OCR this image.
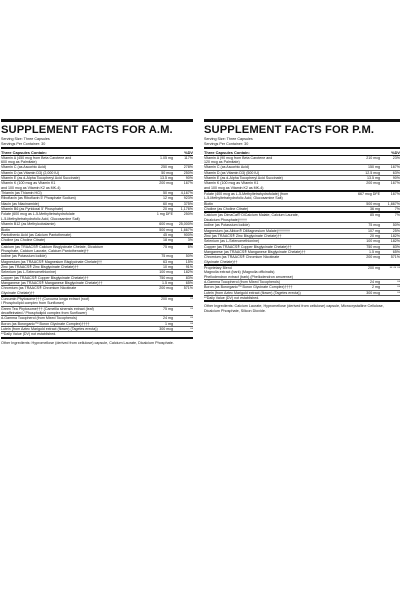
SUPPLEMENT FACTS FOR A.M.
Serving Size: Three Capsules
Servings Per Container: 30
Three Capsules Contain:	%DV
Vitamin A (450 mcg from Beta Carotene and
600 mcg as Palmitate)
1.05 mg	117%
Vitamin C (as Ascorbic Acid)	250 mg	278%
Vitamin D (as Vitamin D3) (2,000 IU)	50 mcg	250%
Vitamin E (as d-Alpha Tocopheryl Acid Succinate)	13.5 mg	90%
Vitamin K (100 mcg as Vitamin K1
and 100 mcg as Vitamin K2 as MK-4)
200 mcg	167%
Thiamin (as Thiamin HCl)	50 mg	4,167%
Riboflavin (as Riboflavin 5' Phosphate Sodium)	12 mg	923%
Niacin (as Niacinamide)	60 mg	375%
Vitamin B6 (as Pyridoxal 5' Phosphate)	20 mg	1,176%
Folate (600 mcg as L-5-Methyltetrahydrofolate
L-5-Methyltetrahydrofolic Acid, Glucosamine Salt)
1 mg DFE	250%
Vitamin B12 (as Methylcobalamin)	600 mcg	25,000%
Biotin	500 mcg	1,667%
Pantothenic Acid (as Calcium Pantothenate)	45 mg	900%
Choline (as Choline Citrate)	18 mg	3%
Calcium (as TRAACS® Calcium Bisglycinate Chelate, Dicalcium
Phosphate, Calcium Laurate, Calcium Pantothenate)††
75 mg	6%
Iodine (as Potassium Iodide)	75 mcg	50%
Magnesium (as TRAACS® Magnesium Bisglycinate Chelate)††	63 mg	15%
Zinc (as TRAACS® Zinc Bisglycinate Chelate)††	10 mg	91%
Selenium (as L-Selenomethionine)	100 mcg	182%
Copper (as TRAACS® Copper Bisglycinate Chelate)††	750 mcg	83%
Manganese (as TRAACS® Manganese Bisglycinate Chelate)††	1.5 mg	65%
Chromium (as TRAACS® Chromium Nicotinate
Glycinate Chelate)††
200 mcg	571%
Curcumin Phytosome††† (Curcuma longa extract (root)
/ Phospholipid complex from Sunflower)
200 mg	**
Green Tea Phytosome††† (Camellia sinensis extract (leaf)
decaffeinated / Phospholipid complex from Sunflower)
75 mg	**
d-Gamma Tocopherol (from Mixed Tocopherols)	24 mg	**
Boron (as Bororganic™ Boron Glycinate Complex)††††	1 mg	**
Lutein (from Aztec Marigold extract (flower) (Tagetes erecta))	300 mcg	**
**Daily Value (DV) not established.
Other Ingredients: Hypromellose (derived from cellulose) capsule, Calcium Laurate, Dicalcium Phosphate.
SUPPLEMENT FACTS FOR P.M.
Serving Size: Three Capsules
Servings Per Container: 30
Three Capsules Contain:	%DV
Vitamin A (90 mcg from Beta Carotene and
120 mcg as Palmitate)
210 mcg	23%
Vitamin C (as Ascorbic Acid)	150 mg	167%
Vitamin D (as Vitamin D3) (500 IU)	12.5 mcg	63%
Vitamin E (as d-Alpha Tocopheryl Acid Succinate)	13.5 mg	90%
Vitamin K (100 mcg as Vitamin K1
and 100 mcg as Vitamin K2 as MK-4)
200 mcg	167%
Folate (400 mcg as L-5-Methyltetrahydrofolate) (from
L-5-Methyltetrahydrofolic Acid, Glucosamine Salt)
667 mcg DFE	167%
Biotin	500 mcg	1,667%
Choline (as Choline Citrate)	36 mg	7%
Calcium (as DimaCal® DiCalcium Malate, Calcium Laurate,
Dicalcium Phosphate)††††
85 mg	7%
Iodine (as Potassium Iodide)	75 mcg	50%
Magnesium (as Albion® DiMagnesium Malate)††††††	107 mg	25%
Zinc (as TRAACS® Zinc Bisglycinate Chelate)††	20 mg	182%
Selenium (as L-Selenomethionine)	100 mcg	182%
Copper (as TRAACS® Copper Bisglycinate Chelate)††	750 mcg	83%
Manganese (as TRAACS® Manganese Bisglycinate Chelate)††	1.5 mg	65%
Chromium (as TRAACS® Chromium Nicotinate
Glycinate Chelate)††
200 mcg	571%
Proprietary Blend
Magnolia extract (bark) (Magnolia officinalis)
Phellodendron extract (bark) (Phellodendron amurense)
200 mg	** ** **
d-Gamma Tocopherol (from Mixed Tocopherols)	24 mg	**
Boron (as Bororganic™ Boron Glycinate Complex)††††	2 mg	**
Lutein (from Aztec Marigold extract (flower) (Tagetes erecta))	300 mcg	**
**Daily Value (DV) not established.
Other Ingredients: Calcium Laurate, Hypromellose (derived from cellulose) capsule, Microcrystalline Cellulose, Dicalcium Phosphate, Silicon Dioxide.
